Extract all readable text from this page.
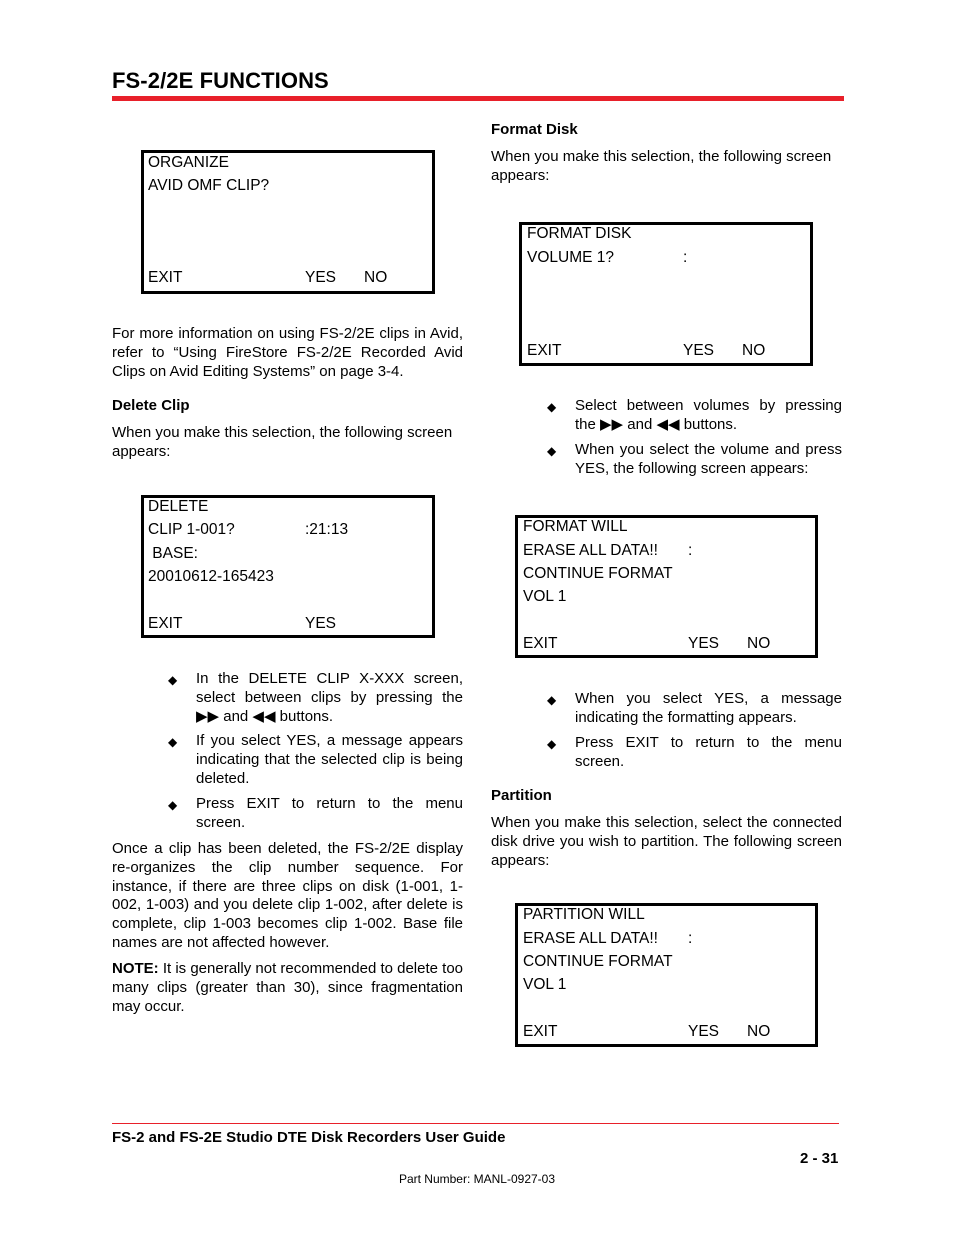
FS-2/2E FUNCTIONS
ORGANIZE
AVID OMF CLIP?
EXIT	YES NO
For more information on using FS-2/2E clips in Avid, refer to “Using FireStore FS-2/2E Recorded Avid Clips on Avid Editing Systems” on page 3-4.
Delete Clip
When you make this selection, the following screen appears:
DELETE
CLIP 1-001?	:21:13
BASE:
20010612-165423
EXIT	YES
◆ In the DELETE CLIP X-XXX screen, select between clips by pressing the ▶▶ and ◀◀ buttons.
◆ If you select YES, a message appears indicating that the selected clip is being deleted.
◆ Press EXIT to return to the menu screen.
Once a clip has been deleted, the FS-2/2E display re-organizes the clip number sequence. For instance, if there are three clips on disk (1-001, 1-002, 1-003) and you delete clip 1-002, after delete is complete, clip 1-003 becomes clip 1-002. Base file names are not affected however.
NOTE: It is generally not recommended to delete too many clips (greater than 30), since fragmentation may occur.
Format Disk
When you make this selection, the following screen appears:
FORMAT DISK
VOLUME 1?	:
EXIT	YES NO
◆ Select between volumes by pressing the ▶▶ and ◀◀ buttons.
◆ When you select the volume and press YES, the following screen appears:
FORMAT WILL
ERASE ALL DATA!! :
CONTINUE FORMAT
VOL 1
EXIT	YES NO
◆ When you select YES, a message indicating the formatting appears.
◆ Press EXIT to return to the menu screen.
Partition
When you make this selection, select the connected disk drive you wish to partition. The following screen appears:
PARTITION WILL
ERASE ALL DATA!! :
CONTINUE FORMAT
VOL 1
EXIT	YES NO
FS-2 and FS-2E Studio DTE Disk Recorders User Guide
2 - 31
Part Number: MANL-0927-03
